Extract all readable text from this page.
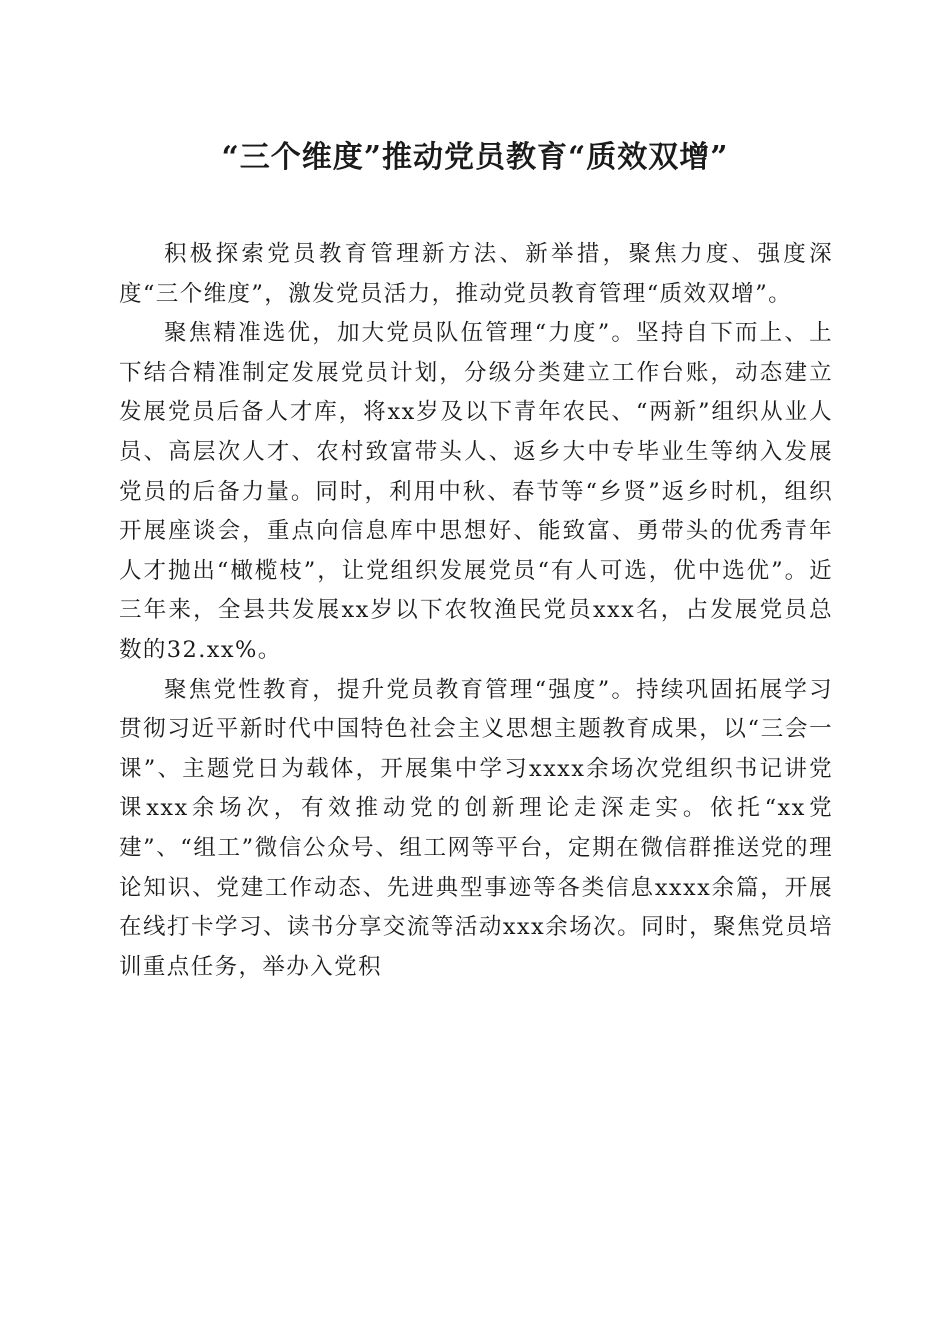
“三个维度”推动党员教育“质效双增”

积极探索党员教育管理新方法、新举措，聚焦力度、强度深度“三个维度”，激发党员活力，推动党员教育管理“质效双增”。

聚焦精准选优，加大党员队伍管理“力度”。坚持自下而上、上下结合精准制定发展党员计划，分级分类建立工作台账，动态建立发展党员后备人才库，将xx岁及以下青年农民、“两新”组织从业人员、高层次人才、农村致富带头人、返乡大中专毕业生等纳入发展党员的后备力量。同时，利用中秋、春节等“乡贤”返乡时机，组织开展座谈会，重点向信息库中思想好、能致富、勇带头的优秀青年人才抛出“橄榄枝”，让党组织发展党员“有人可选，优中选优”。近三年来，全县共发展xx岁以下农牧渔民党员xxx名，占发展党员总数的32.xx%。

聚焦党性教育，提升党员教育管理“强度”。持续巩固拓展学习贯彻习近平新时代中国特色社会主义思想主题教育成果，以“三会一课”、主题党日为载体，开展集中学习xxxx余场次党组织书记讲党课xxx余场次，有效推动党的创新理论走深走实。依托“xx党建”、“组工”微信公众号、组工网等平台，定期在微信群推送党的理论知识、党建工作动态、先进典型事迹等各类信息xxxx余篇，开展在线打卡学习、读书分享交流等活动xxx余场次。同时，聚焦党员培训重点任务，举办入党积
